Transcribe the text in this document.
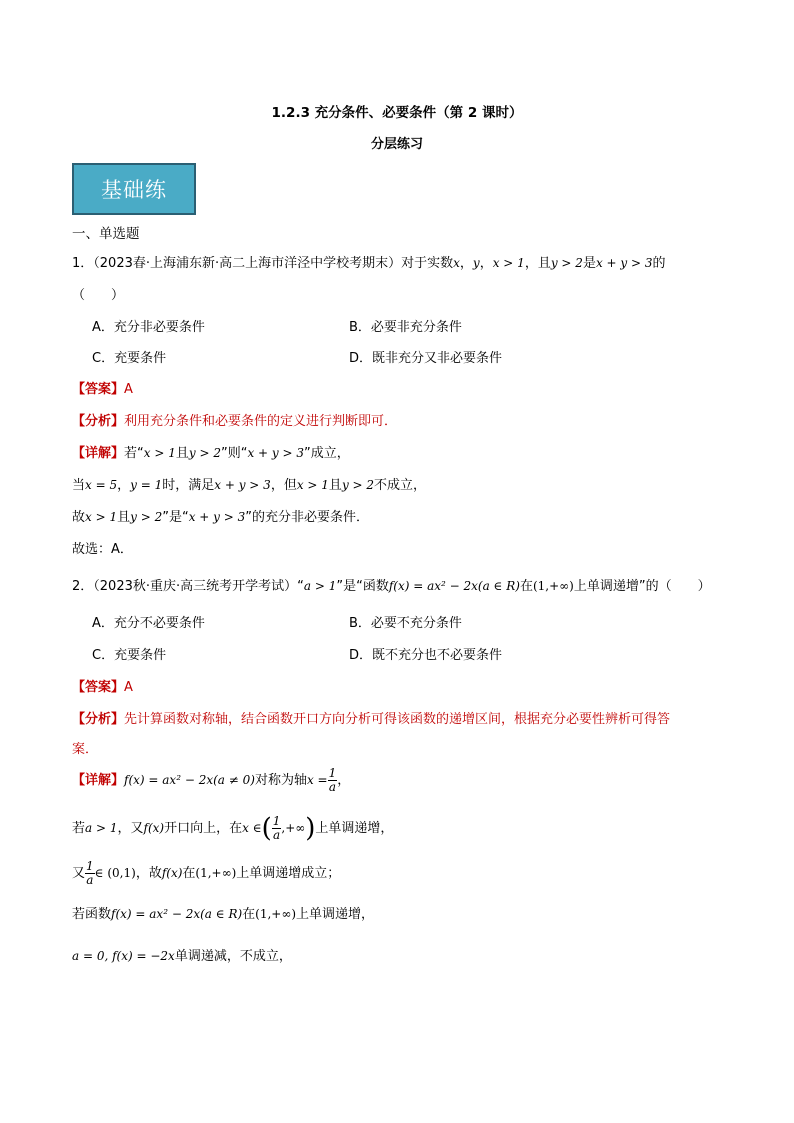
1.2.3 充分条件、必要条件（第 2 课时）
分层练习
基础练
一、单选题
1．（2023春·上海浦东新·高二上海市洋泾中学校考期末）对于实数x，y，x > 1，且y > 2是x + y > 3的
（　　）
A．充分非必要条件	B．必要非充分条件
C．充要条件	D．既非充分又非必要条件
【答案】A
【分析】利用充分条件和必要条件的定义进行判断即可．
【详解】若“x > 1且y > 2”则“x + y > 3”成立，
当x = 5，y = 1时，满足x + y > 3，但x > 1且y > 2不成立，
故x > 1且y > 2”是“x + y > 3”的充分非必要条件．
故选：A．
2．（2023秋·重庆·高三统考开学考试）“a > 1”是“函数f(x) = ax² − 2x(a ∈ R)在(1,+∞)上单调递增”的（　　）
A．充分不必要条件	B．必要不充分条件
C．充要条件	D．既不充分也不必要条件
【答案】A
【分析】先计算函数对称轴，结合函数开口方向分析可得该函数的递增区间，根据充分必要性辨析可得答
案．
【详解】f(x) = ax² − 2x(a ≠ 0)对称为轴$x = \frac{1}{a}$ ，
若a > 1，又f(x)开口向上，在x ∈( $\frac{1}{a}$ ,+∞)上单调递增，
又 $\frac{1}{a}$ ∈ (0,1)，故f(x)在(1,+∞)上单调递增成立；
若函数f(x) = ax² − 2x(a ∈ R)在(1,+∞)上单调递增，
a = 0, f(x) = −2x单调递减，不成立，
